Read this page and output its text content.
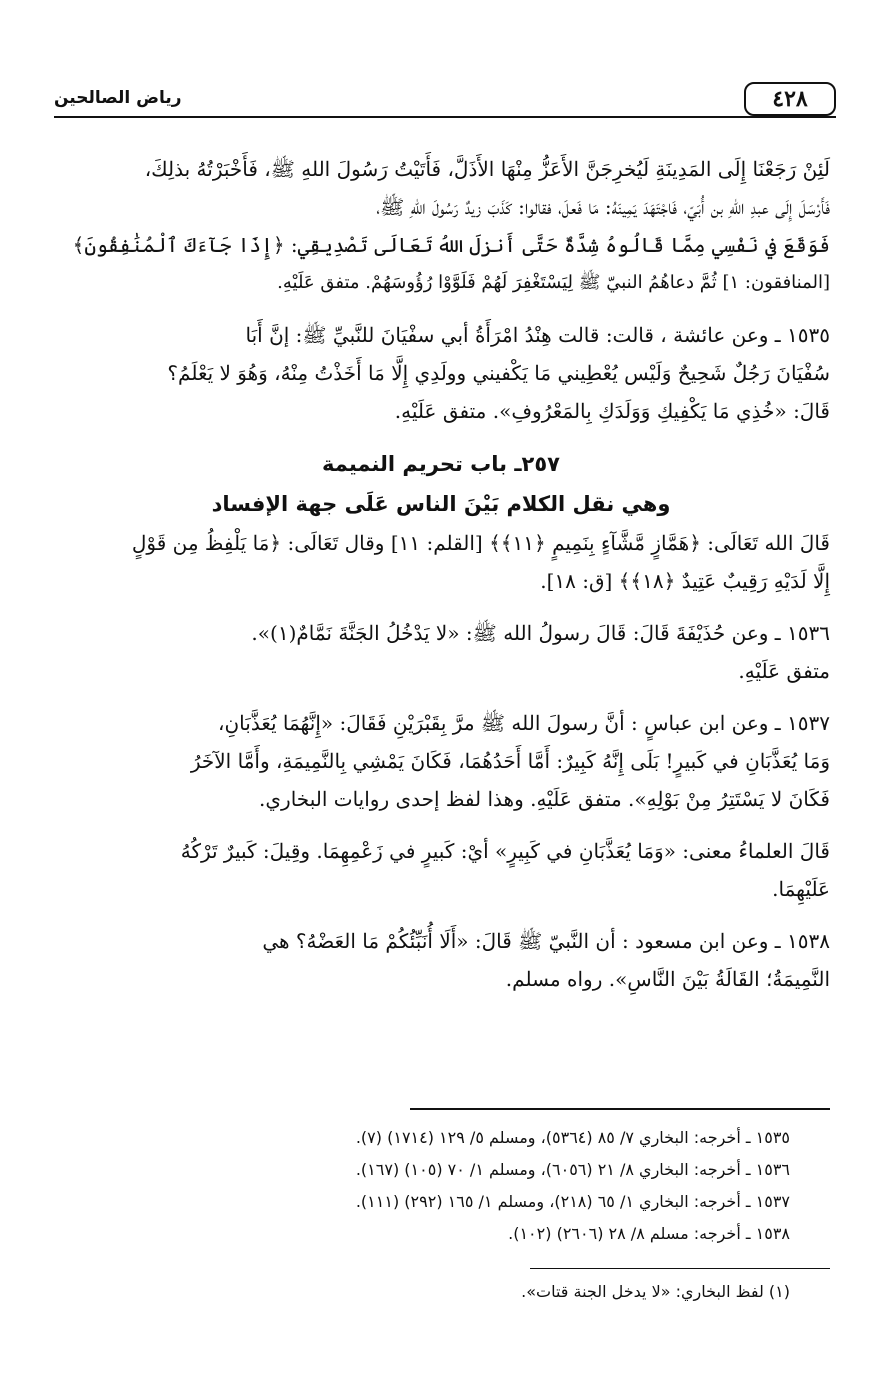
٤٢٨
رياض الصالحين

لَئِنْ رَجَعْنَا إِلَى المَدِينَةِ لَيُخرِجَنَّ الأَعَزُّ مِنْهَا الأَذَلَّ، فَأَتَيْتُ رَسُولَ اللهِ ﷺ، فَأَخْبَرْتُهُ بذلِكَ،

فَأَرْسَلَ إِلَى عبدِ اللهِ بن أُبَيّ، فَاجْتَهَدَ يَمِينَهُ: مَا فَعلَ، فقالوا: كَذَبَ زيدٌ رَسُولَ اللهِ ﷺ،

فَوَقَعَ في نَفْسِي مِمَّا قَالُوهُ شِدَّةٌ حَتَّى أَنزلَ اللهُ تَعَالَى تَصْدِيقِي: ﴿إِذَا جَآءَكَ ٱلْمُنَٰفِقُونَ﴾

[المنافقون: ١] ثُمَّ دعاهُمُ النبيّ ﷺ لِيَسْتَغْفِرَ لَهُمْ فَلَوَّوْا رُؤُوسَهُمْ. متفق عَلَيْهِ.

١٥٣٥ ـ وعن عائشة ، قالت: قالت هِنْدُ امْرَأَةُ أبي سفْيَانَ للنَّبيِّ ﷺ: إنَّ أَبَا

سُفْيَانَ رَجُلٌ شَحِيحٌ وَلَيْس يُعْطِيني مَا يَكْفيني وولَدِي إِلَّا مَا أَخَذْتُ مِنْهُ، وَهُوَ لا يَعْلَمُ؟

قَالَ: «خُذِي مَا يَكْفِيكِ وَوَلَدَكِ بِالمَعْرُوفِ». متفق عَلَيْهِ.

٢٥٧ـ باب تحريم النميمة
وهي نقل الكلام بَيْنَ الناس عَلَى جهة الإفساد

قَالَ الله تَعَالَى: ﴿هَمَّازٍ مَّشَّآءٍ بِنَمِيمٍ ﴿١١﴾﴾ [القلم: ١١] وقال تَعَالَى: ﴿مَا يَلْفِظُ مِن قَوْلٍ

إِلَّا لَدَيْهِ رَقِيبٌ عَتِيدٌ ﴿١٨﴾﴾ [ق: ١٨].

١٥٣٦ ـ وعن حُذَيْفَةَ قَالَ: قَالَ رسولُ الله ﷺ: «لا يَدْخُلُ الجَنَّةَ نَمَّامٌ(١)».

متفق عَلَيْهِ.

١٥٣٧ ـ وعن ابن عباسٍ : أنَّ رسولَ الله ﷺ مرَّ بِقَبْرَيْنِ فَقَالَ: «إِنَّهُمَا يُعَذَّبَانِ،

وَمَا يُعَذَّبَانِ في كَبيرٍ! بَلَى إِنَّهُ كَبِيرٌ: أَمَّا أَحَدُهُمَا، فَكَانَ يَمْشِي بِالنَّمِيمَةِ، وأَمَّا الآخَرُ

فَكَانَ لا يَسْتَتِرُ مِنْ بَوْلِهِ». متفق عَلَيْهِ. وهذا لفظ إحدى روايات البخاري.

قَالَ العلماءُ معنى: «وَمَا يُعَذَّبَانِ في كَبِيرٍ» أيْ: كَبيرٍ في زَعْمِهِمَا. وقِيلَ: كَبيرٌ تَرْكُهُ

عَلَيْهِمَا.

١٥٣٨ ـ وعن ابن مسعود : أن النَّبيّ ﷺ قَالَ: «أَلَا أُنَبِّئُكُمْ مَا العَضْهُ؟ هي

النَّمِيمَةُ؛ القَالَةُ بَيْنَ النَّاسِ». رواه مسلم.

١٥٣٥ ـ أخرجه: البخاري ٧/ ٨٥ (٥٣٦٤)، ومسلم ٥/ ١٢٩ (١٧١٤) (٧).

١٥٣٦ ـ أخرجه: البخاري ٨/ ٢١ (٦٠٥٦)، ومسلم ١/ ٧٠ (١٠٥) (١٦٧).

١٥٣٧ ـ أخرجه: البخاري ١/ ٦٥ (٢١٨)، ومسلم ١/ ١٦٥ (٢٩٢) (١١١).

١٥٣٨ ـ أخرجه: مسلم ٨/ ٢٨ (٢٦٠٦) (١٠٢).

(١) لفظ البخاري: «لا يدخل الجنة قتات».
